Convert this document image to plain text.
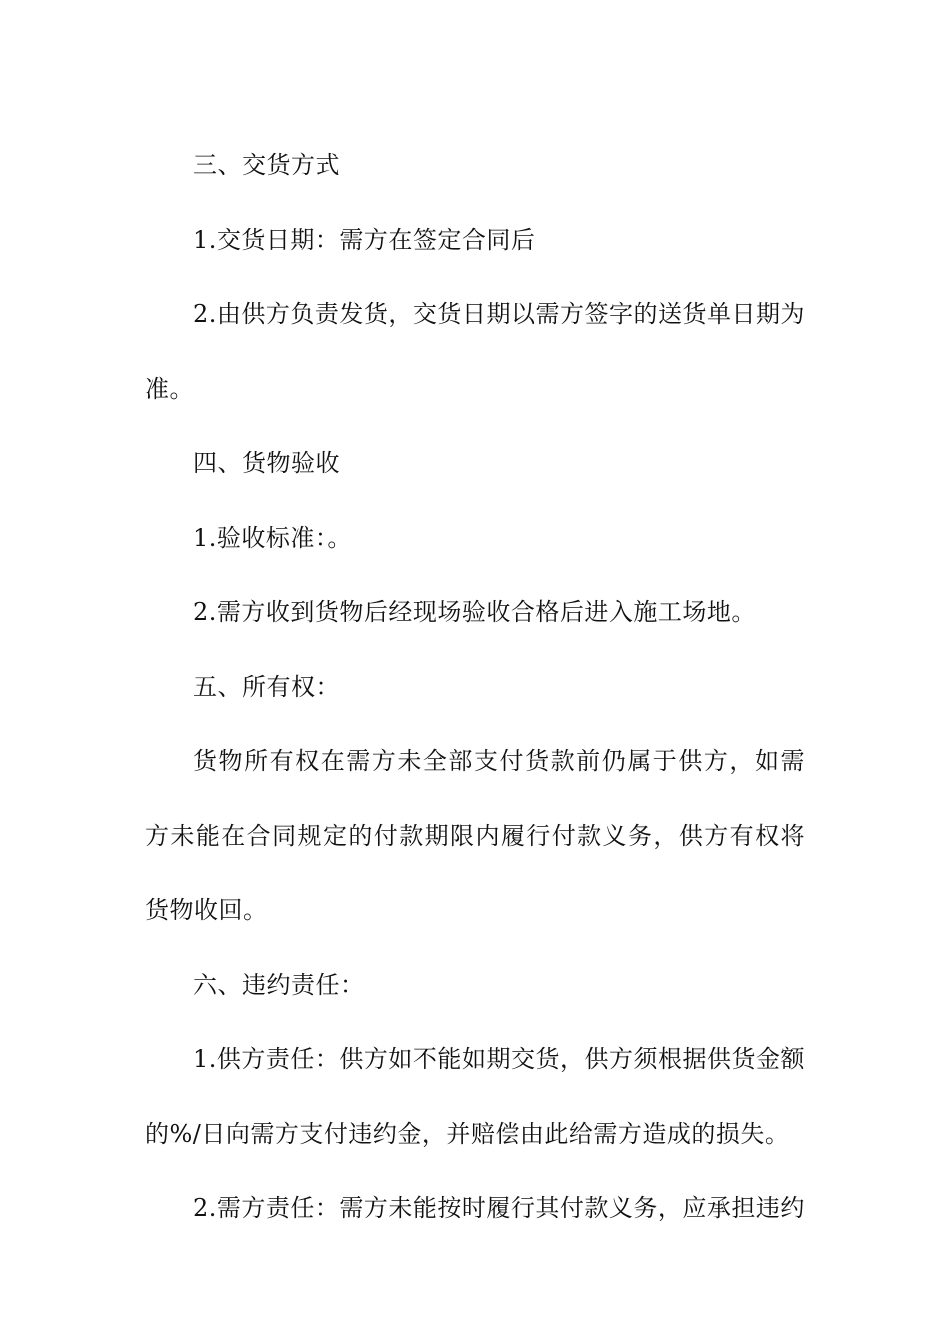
三、交货方式

1.交货日期：需方在签定合同后

2.由供方负责发货，交货日期以需方签字的送货单日期为准。

四、货物验收

1.验收标准：。

2.需方收到货物后经现场验收合格后进入施工场地。

五、所有权：

货物所有权在需方未全部支付货款前仍属于供方，如需方未能在合同规定的付款期限内履行付款义务，供方有权将货物收回。

六、违约责任：

1.供方责任：供方如不能如期交货，供方须根据供货金额的%/日向需方支付违约金，并赔偿由此给需方造成的损失。

2.需方责任：需方未能按时履行其付款义务，应承担违约
